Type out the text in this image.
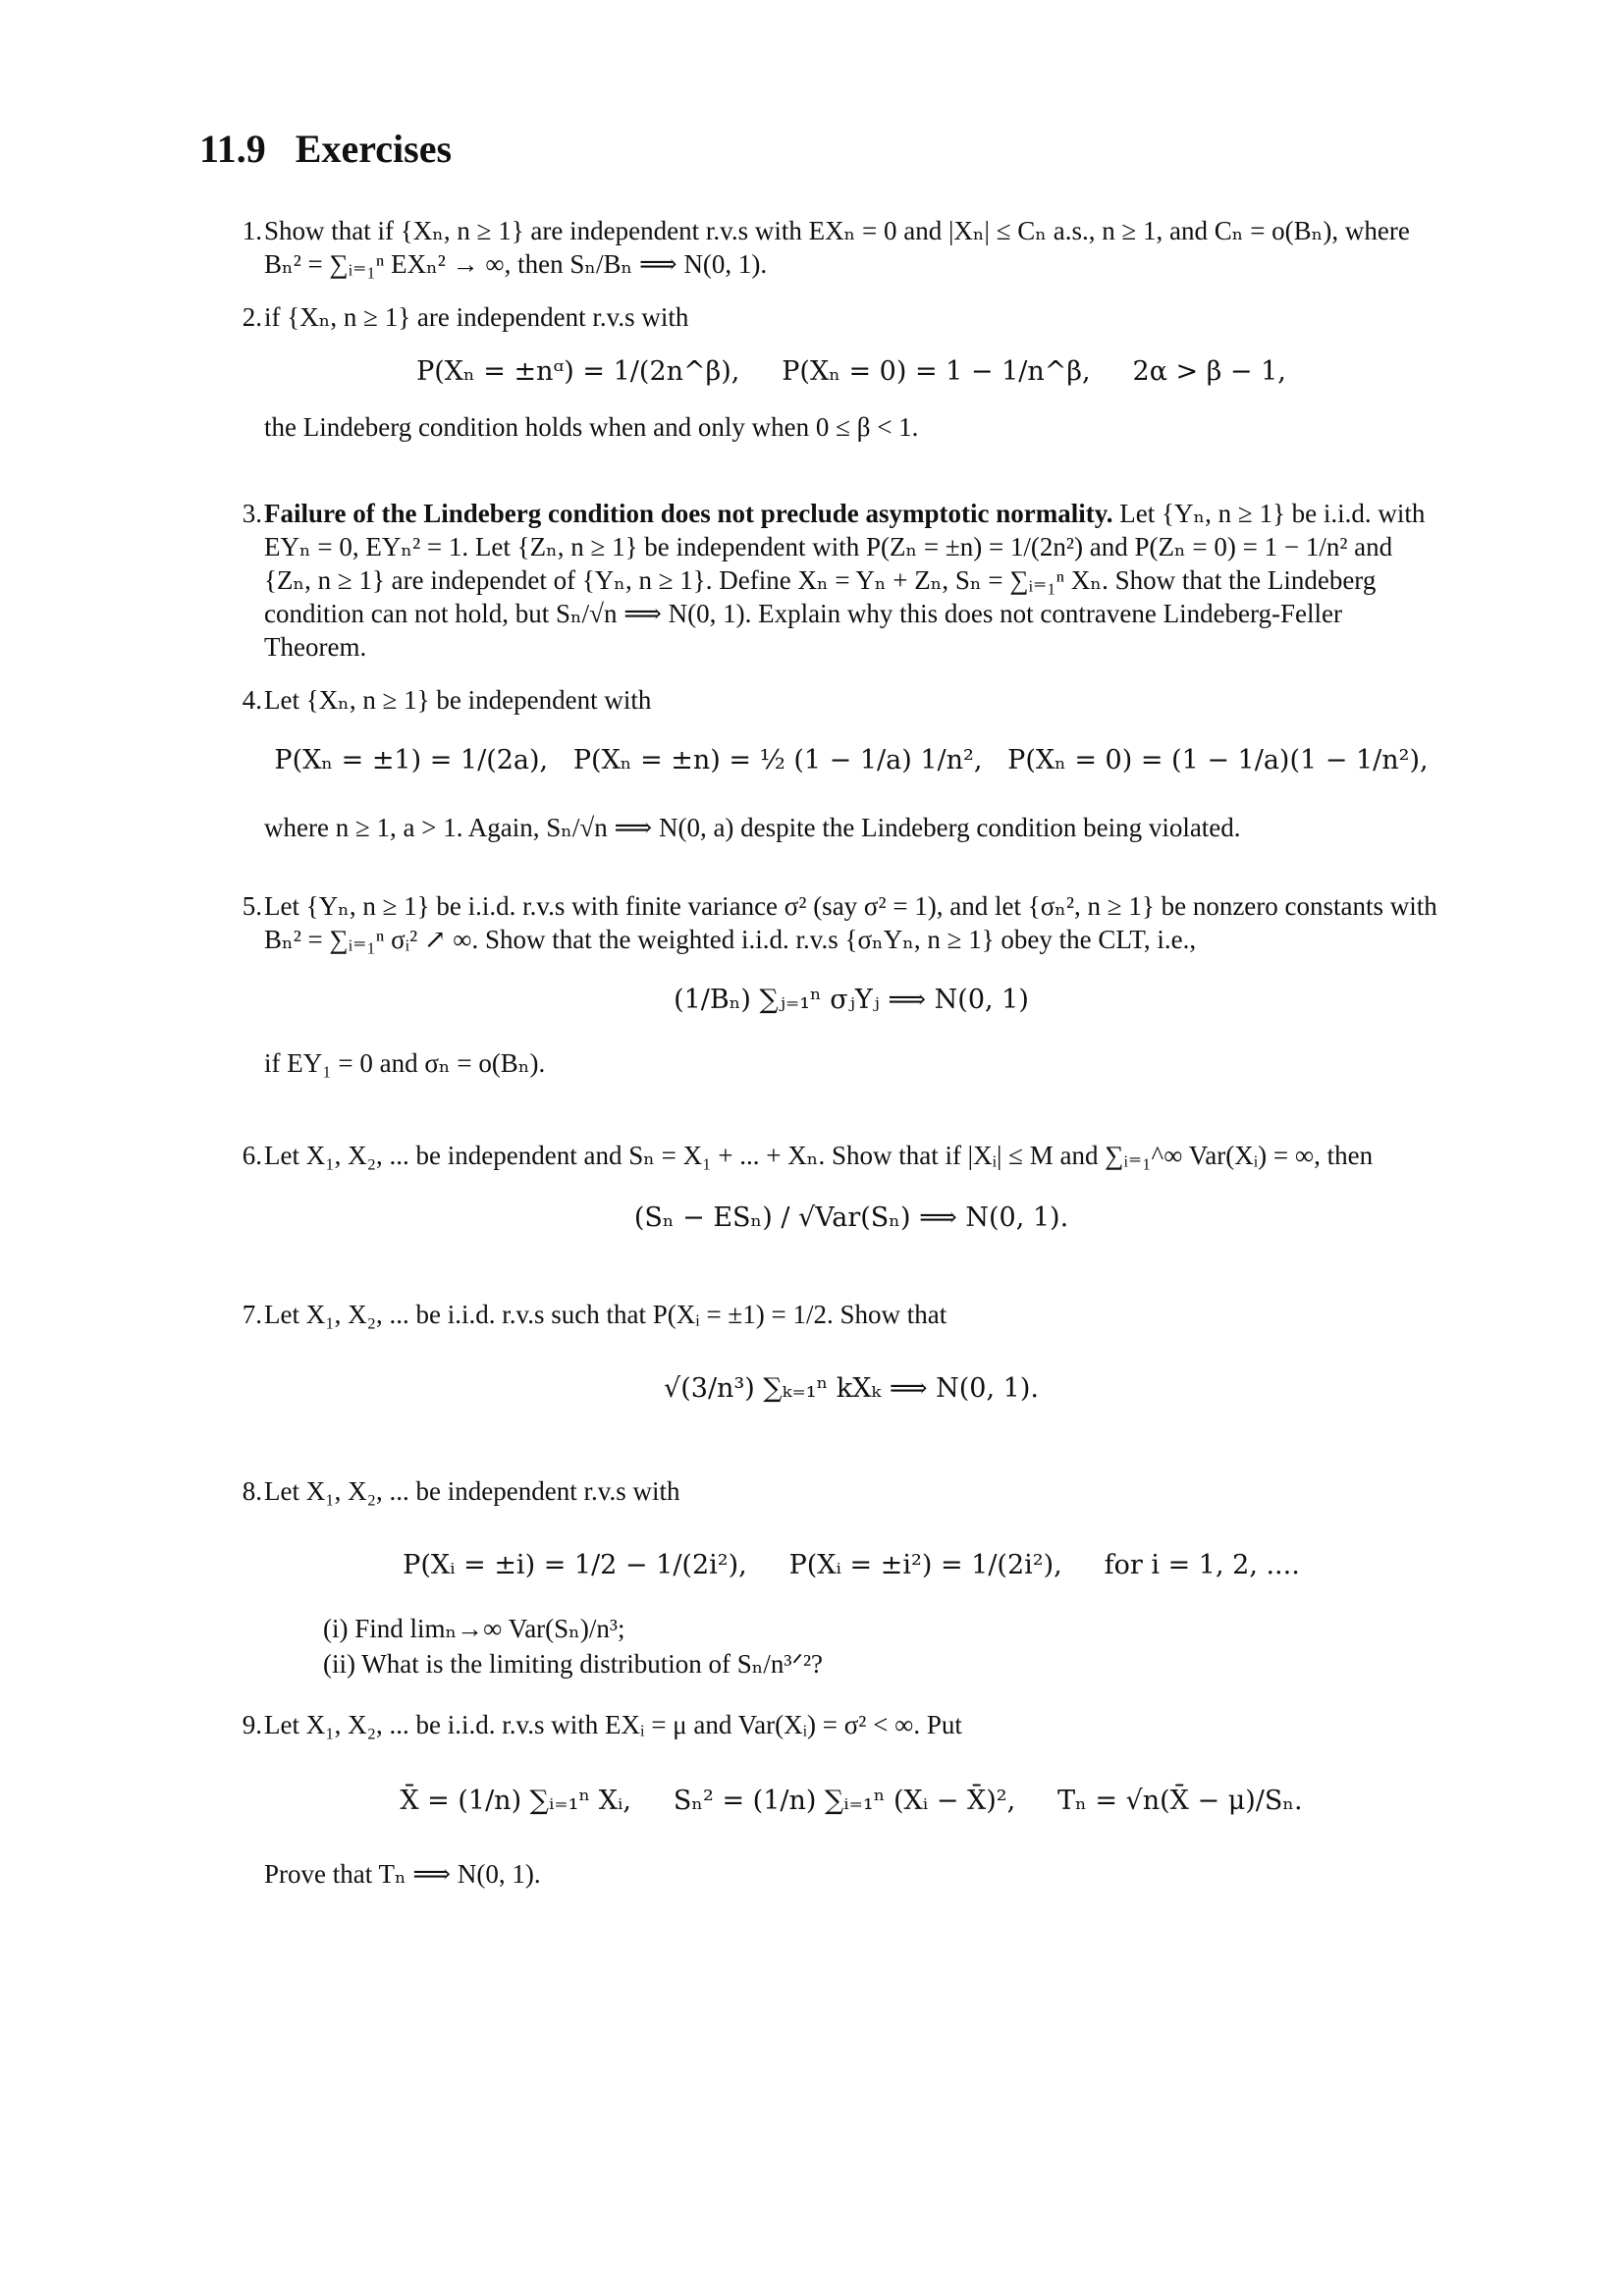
11.9   Exercises
1. Show that if {Xₙ, n ≥ 1} are independent r.v.s with EXₙ = 0 and |Xₙ| ≤ Cₙ a.s., n ≥ 1, and Cₙ = o(Bₙ), where Bₙ² = ∑ᵢ₌₁ⁿ EXₙ² → ∞, then Sₙ/Bₙ ⟹ N(0, 1).

2. if {Xₙ, n ≥ 1} are independent r.v.s with

P(Xₙ = ±nᵅ) = 1/(2n^β),     P(Xₙ = 0) = 1 − 1/n^β,     2α > β − 1,

the Lindeberg condition holds when and only when 0 ≤ β < 1.

3. Failure of the Lindeberg condition does not preclude asymptotic normality. Let {Yₙ, n ≥ 1} be i.i.d. with EYₙ = 0, EYₙ² = 1. Let {Zₙ, n ≥ 1} be independent with P(Zₙ = ±n) = 1/(2n²) and P(Zₙ = 0) = 1 − 1/n² and {Zₙ, n ≥ 1} are independet of {Yₙ, n ≥ 1}. Define Xₙ = Yₙ + Zₙ, Sₙ = ∑ᵢ₌₁ⁿ Xₙ. Show that the Lindeberg condition can not hold, but Sₙ/√n ⟹ N(0, 1). Explain why this does not contravene Lindeberg-Feller Theorem.

4. Let {Xₙ, n ≥ 1} be independent with

P(Xₙ = ±1) = 1/(2a),   P(Xₙ = ±n) = ½ (1 − 1/a) 1/n²,   P(Xₙ = 0) = (1 − 1/a)(1 − 1/n²),

where n ≥ 1, a > 1. Again, Sₙ/√n ⟹ N(0, a) despite the Lindeberg condition being violated.

5. Let {Yₙ, n ≥ 1} be i.i.d. r.v.s with finite variance σ² (say σ² = 1), and let {σₙ², n ≥ 1} be nonzero constants with Bₙ² = ∑ᵢ₌₁ⁿ σᵢ² ↗ ∞. Show that the weighted i.i.d. r.v.s {σₙYₙ, n ≥ 1} obey the CLT, i.e.,

(1/Bₙ) ∑ⱼ₌₁ⁿ σⱼYⱼ ⟹ N(0, 1)

if EY₁ = 0 and σₙ = o(Bₙ).

6. Let X₁, X₂, ... be independent and Sₙ = X₁ + ... + Xₙ. Show that if |Xᵢ| ≤ M and ∑ᵢ₌₁^∞ Var(Xᵢ) = ∞, then

(Sₙ − ESₙ) / √Var(Sₙ) ⟹ N(0, 1).
7. Let X₁, X₂, ... be i.i.d. r.v.s such that P(Xᵢ = ±1) = 1/2. Show that

√(3/n³) ∑ₖ₌₁ⁿ kXₖ ⟹ N(0, 1).
8. Let X₁, X₂, ... be independent r.v.s with

P(Xᵢ = ±i) = 1/2 − 1/(2i²),     P(Xᵢ = ±i²) = 1/(2i²),     for i = 1, 2, ....
(i) Find limₙ→∞ Var(Sₙ)/n³;
(ii) What is the limiting distribution of Sₙ/n³ᐟ²?
9. Let X₁, X₂, ... be i.i.d. r.v.s with EXᵢ = μ and Var(Xᵢ) = σ² < ∞. Put

X̄ = (1/n) ∑ᵢ₌₁ⁿ Xᵢ,     Sₙ² = (1/n) ∑ᵢ₌₁ⁿ (Xᵢ − X̄)²,     Tₙ = √n(X̄ − μ)/Sₙ.

Prove that Tₙ ⟹ N(0, 1).
